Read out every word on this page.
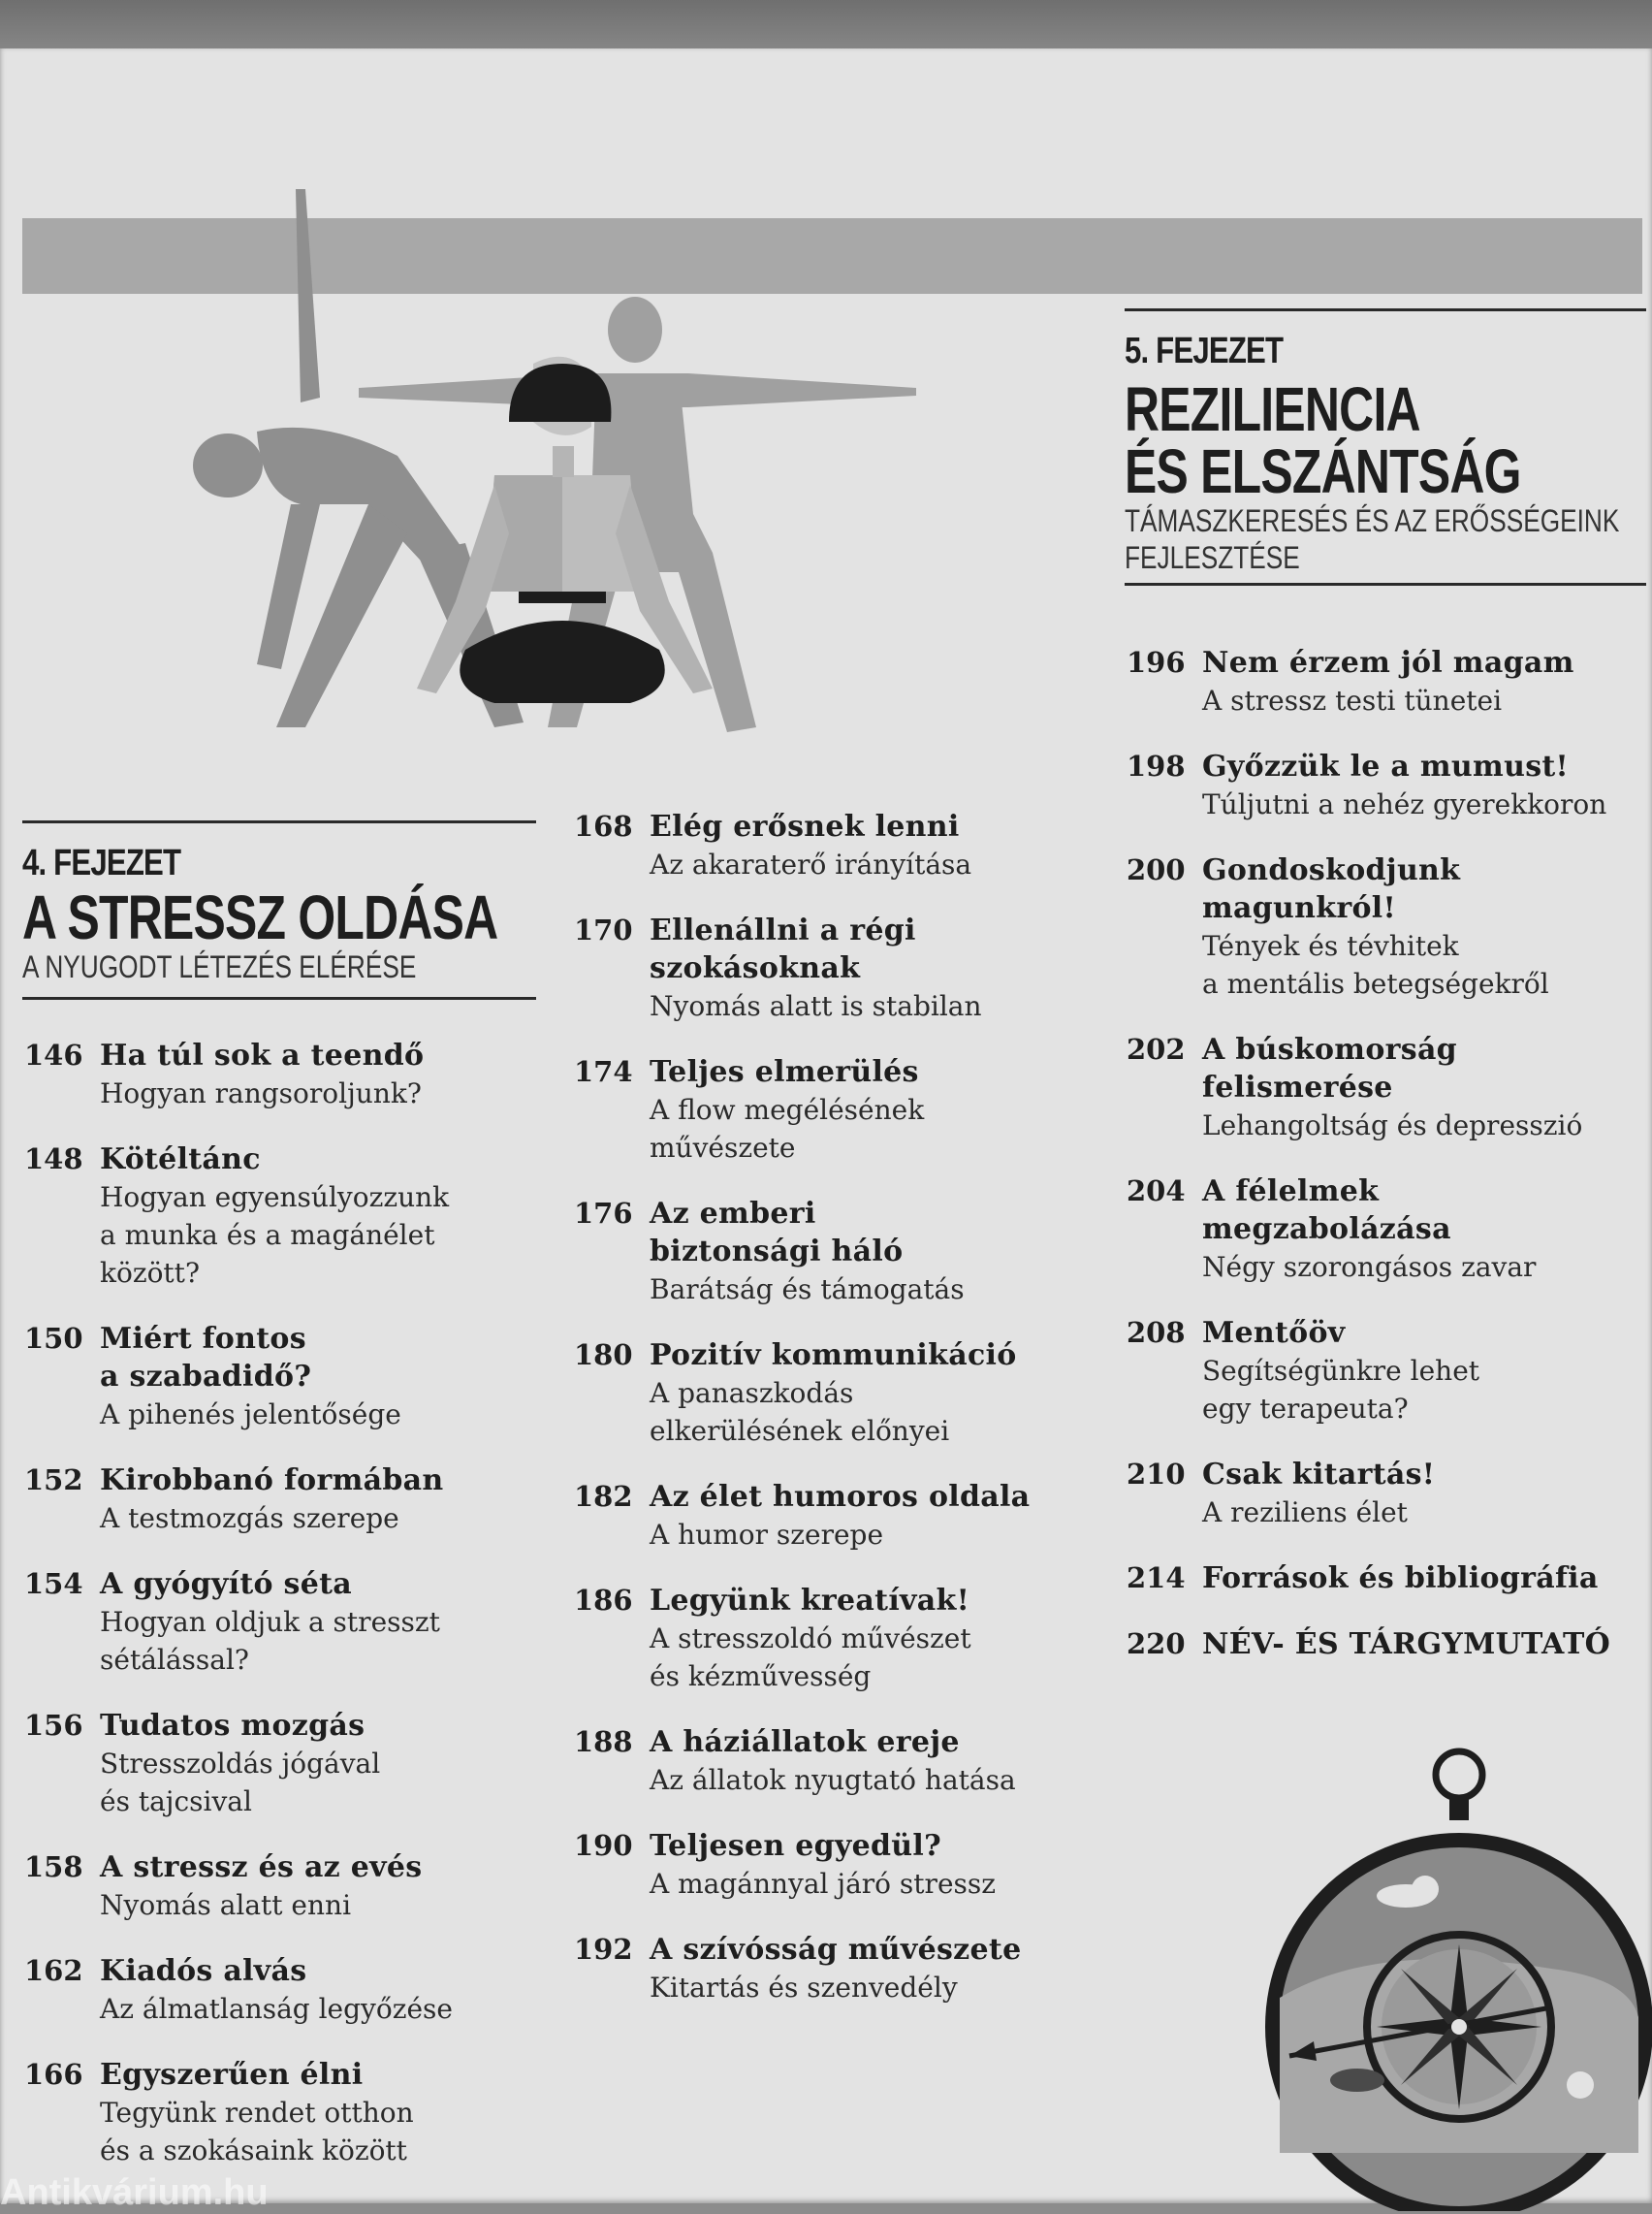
4. FEJEZET
A STRESSZ OLDÁSA
A NYUGODT LÉTEZÉS ELÉRÉSE
5. FEJEZET
REZILIENCIA
ÉS ELSZÁNTSÁG
TÁMASZKERESÉS ÉS AZ ERŐSSÉGEINK
FEJLESZTÉSE
146 Ha túl sok a teendő
Hogyan rangsoroljunk?
148 Kötéltánc
Hogyan egyensúlyozzunk
a munka és a magánélet
között?
150 Miért fontos
a szabadidő?
A pihenés jelentősége
152 Kirobbanó formában
A testmozgás szerepe
154 A gyógyító séta
Hogyan oldjuk a stresszt
sétálással?
156 Tudatos mozgás
Stresszoldás jógával
és tajcsival
158 A stressz és az evés
Nyomás alatt enni
162 Kiadós alvás
Az álmatlanság legyőzése
166 Egyszerűen élni
Tegyünk rendet otthon
és a szokásaink között
168 Elég erősnek lenni
Az akaraterő irányítása
170 Ellenállni a régi
szokásoknak
Nyomás alatt is stabilan
174 Teljes elmerülés
A flow megélésének
művészete
176 Az emberi
biztonsági háló
Barátság és támogatás
180 Pozitív kommunikáció
A panaszkodás
elkerülésének előnyei
182 Az élet humoros oldala
A humor szerepe
186 Legyünk kreatívak!
A stresszoldó művészet
és kézművesség
188 A háziállatok ereje
Az állatok nyugtató hatása
190 Teljesen egyedül?
A magánnyal járó stressz
192 A szívósság művészete
Kitartás és szenvedély
196 Nem érzem jól magam
A stressz testi tünetei
198 Győzzük le a mumust!
Túljutni a nehéz gyerekkoron
200 Gondoskodjunk
magunkról!
Tények és tévhitek
a mentális betegségekről
202 A búskomorság
felismerése
Lehangoltság és depresszió
204 A félelmek
megzabolázása
Négy szorongásos zavar
208 Mentőöv
Segítségünkre lehet
egy terapeuta?
210 Csak kitartás!
A reziliens élet
214 Források és bibliográfia
220 NÉV- ÉS TÁRGYMUTATÓ
Antikvárium.hu
